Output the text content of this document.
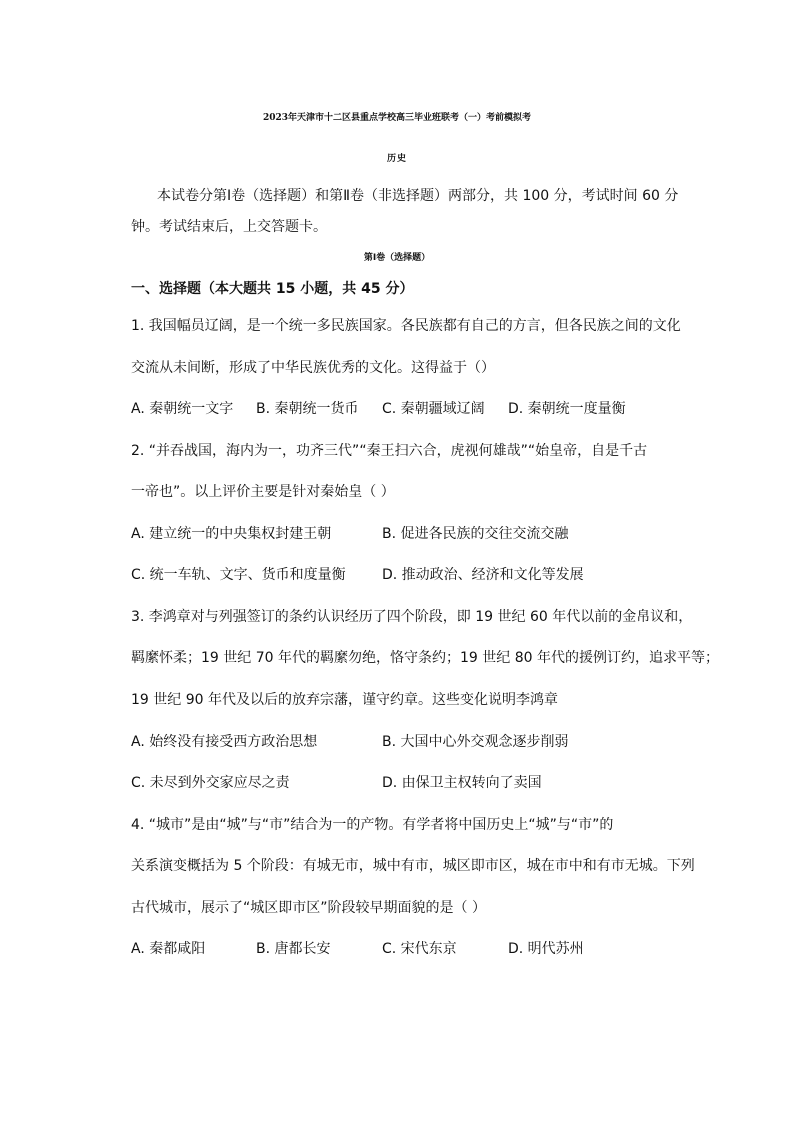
2023年天津市十二区县重点学校高三毕业班联考（一）考前模拟考
历史
本试卷分第Ⅰ卷（选择题）和第Ⅱ卷（非选择题）两部分，共 100 分，考试时间 60 分
钟。考试结束后，上交答题卡。
第Ⅰ卷（选择题）
一、选择题（本大题共 15 小题，共 45 分）
1. 我国幅员辽阔，是一个统一多民族国家。各民族都有自己的方言，但各民族之间的文化
交流从未间断，形成了中华民族优秀的文化。这得益于（）
A. 秦朝统一文字 B. 秦朝统一货币 C. 秦朝疆域辽阔 D. 秦朝统一度量衡
2. “并吞战国，海内为一，功齐三代”“秦王扫六合，虎视何雄哉”“始皇帝，自是千古
一帝也”。以上评价主要是针对秦始皇（ ）
A. 建立统一的中央集权封建王朝	B. 促进各民族的交往交流交融
C. 统一车轨、文字、货币和度量衡	D. 推动政治、经济和文化等发展
3. 李鸿章对与列强签订的条约认识经历了四个阶段，即 19 世纪 60 年代以前的金帛议和，
羁縻怀柔；19 世纪 70 年代的羁縻勿绝，恪守条约；19 世纪 80 年代的援例订约，追求平等；
19 世纪 90 年代及以后的放弃宗藩，谨守约章。这些变化说明李鸿章
A. 始终没有接受西方政治思想	B. 大国中心外交观念逐步削弱
C. 未尽到外交家应尽之责	D. 由保卫主权转向了卖国
4. “城市”是由“城”与“市”结合为一的产物。有学者将中国历史上“城”与“市”的
关系演变概括为 5 个阶段：有城无市，城中有市，城区即市区，城在市中和有市无城。下列
古代城市，展示了“城区即市区”阶段较早期面貌的是（ ）
A. 秦都咸阳	B. 唐都长安	C. 宋代东京	D. 明代苏州
